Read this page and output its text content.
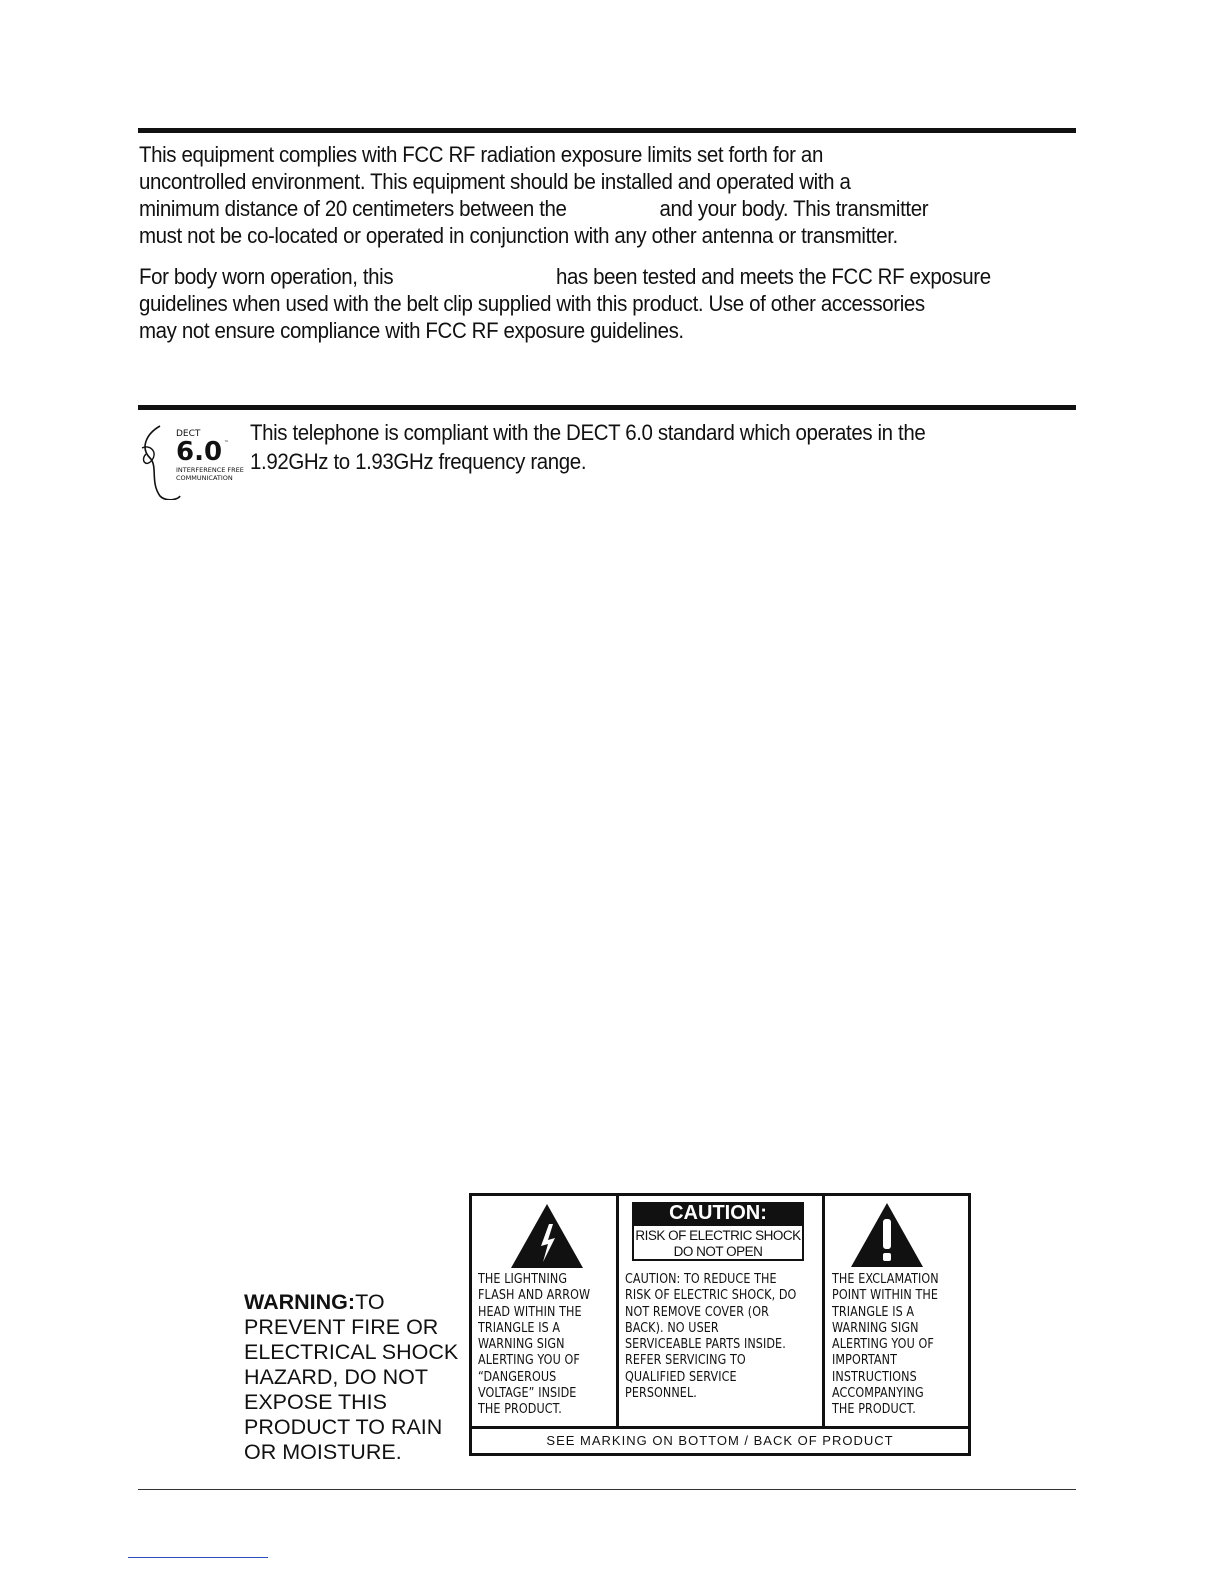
This equipment complies with FCC RF radiation exposure limits set forth for an
uncontrolled environment. This equipment should be installed and operated with a
minimum distance of 20 centimeters between the	and your body. This transmitter
must not be co-located or operated in conjunction with any other antenna or transmitter.

For body worn operation, this	has been tested and meets the FCC RF exposure
guidelines when used with the belt clip supplied with this product. Use of other accessories
may not ensure compliance with FCC RF exposure guidelines.

DECT
6.0 ™
INTERFERENCE FREE
COMMUNICATION
This telephone is compliant with the DECT 6.0 standard which operates in the
1.92GHz to 1.93GHz frequency range.
WARNING:TO
PREVENT FIRE OR
ELECTRICAL SHOCK
HAZARD, DO NOT
EXPOSE THIS
PRODUCT TO RAIN
OR MOISTURE.
THE LIGHTNING
FLASH AND ARROW
HEAD WITHIN THE
TRIANGLE IS A
WARNING SIGN
ALERTING YOU OF
“DANGEROUS
VOLTAGE” INSIDE
THE PRODUCT.
CAUTION:
RISK OF ELECTRIC SHOCK
DO NOT OPEN
CAUTION: TO REDUCE THE
RISK OF ELECTRIC SHOCK, DO
NOT REMOVE COVER (OR
BACK). NO USER
SERVICEABLE PARTS INSIDE.
REFER SERVICING TO
QUALIFIED SERVICE
PERSONNEL.
THE EXCLAMATION
POINT WITHIN THE
TRIANGLE IS A
WARNING SIGN
ALERTING YOU OF
IMPORTANT
INSTRUCTIONS
ACCOMPANYING
THE PRODUCT.
SEE MARKING ON BOTTOM / BACK OF PRODUCT
